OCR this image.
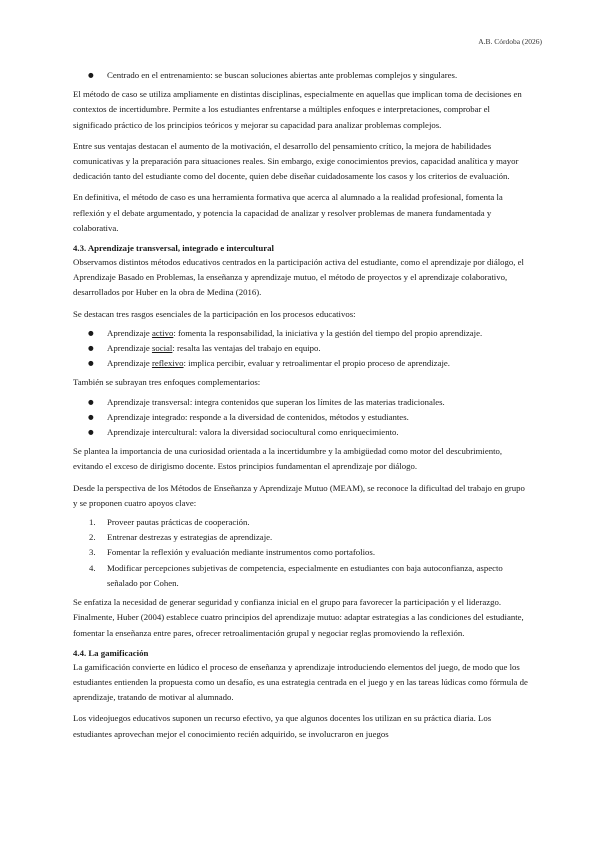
A.B. Córdoba (2026)
● Centrado en el entrenamiento: se buscan soluciones abiertas ante problemas complejos y singulares.

El método de caso se utiliza ampliamente en distintas disciplinas, especialmente en aquellas que implican toma de decisiones en contextos de incertidumbre. Permite a los estudiantes enfrentarse a múltiples enfoques e interpretaciones, comprobar el significado práctico de los principios teóricos y mejorar su capacidad para analizar problemas complejos.

Entre sus ventajas destacan el aumento de la motivación, el desarrollo del pensamiento crítico, la mejora de habilidades comunicativas y la preparación para situaciones reales. Sin embargo, exige conocimientos previos, capacidad analítica y mayor dedicación tanto del estudiante como del docente, quien debe diseñar cuidadosamente los casos y los criterios de evaluación.

En definitiva, el método de caso es una herramienta formativa que acerca al alumnado a la realidad profesional, fomenta la reflexión y el debate argumentado, y potencia la capacidad de analizar y resolver problemas de manera fundamentada y colaborativa.

4.3. Aprendizaje transversal, integrado e intercultural

Observamos distintos métodos educativos centrados en la participación activa del estudiante, como el aprendizaje por diálogo, el Aprendizaje Basado en Problemas, la enseñanza y aprendizaje mutuo, el método de proyectos y el aprendizaje colaborativo, desarrollados por Huber en la obra de Medina (2016).

Se destacan tres rasgos esenciales de la participación en los procesos educativos:

● Aprendizaje activo: fomenta la responsabilidad, la iniciativa y la gestión del tiempo del propio aprendizaje.
● Aprendizaje social: resalta las ventajas del trabajo en equipo.
● Aprendizaje reflexivo: implica percibir, evaluar y retroalimentar el propio proceso de aprendizaje.

También se subrayan tres enfoques complementarios:

● Aprendizaje transversal: integra contenidos que superan los límites de las materias tradicionales.
● Aprendizaje integrado: responde a la diversidad de contenidos, métodos y estudiantes.
● Aprendizaje intercultural: valora la diversidad sociocultural como enriquecimiento.

Se plantea la importancia de una curiosidad orientada a la incertidumbre y la ambigüedad como motor del descubrimiento, evitando el exceso de dirigismo docente. Estos principios fundamentan el aprendizaje por diálogo.

Desde la perspectiva de los Métodos de Enseñanza y Aprendizaje Mutuo (MEAM), se reconoce la dificultad del trabajo en grupo y se proponen cuatro apoyos clave:

1. Proveer pautas prácticas de cooperación.
2. Entrenar destrezas y estrategias de aprendizaje.
3. Fomentar la reflexión y evaluación mediante instrumentos como portafolios.
4. Modificar percepciones subjetivas de competencia, especialmente en estudiantes con baja autoconfianza, aspecto señalado por Cohen.

Se enfatiza la necesidad de generar seguridad y confianza inicial en el grupo para favorecer la participación y el liderazgo. Finalmente, Huber (2004) establece cuatro principios del aprendizaje mutuo: adaptar estrategias a las condiciones del estudiante, fomentar la enseñanza entre pares, ofrecer retroalimentación grupal y negociar reglas promoviendo la reflexión.

4.4. La gamificación

La gamificación convierte en lúdico el proceso de enseñanza y aprendizaje introduciendo elementos del juego, de modo que los estudiantes entienden la propuesta como un desafío, es una estrategia centrada en el juego y en las tareas lúdicas como fórmula de aprendizaje, tratando de motivar al alumnado.

Los videojuegos educativos suponen un recurso efectivo, ya que algunos docentes los utilizan en su práctica diaria. Los estudiantes aprovechan mejor el conocimiento recién adquirido, se involucraron en juegos
